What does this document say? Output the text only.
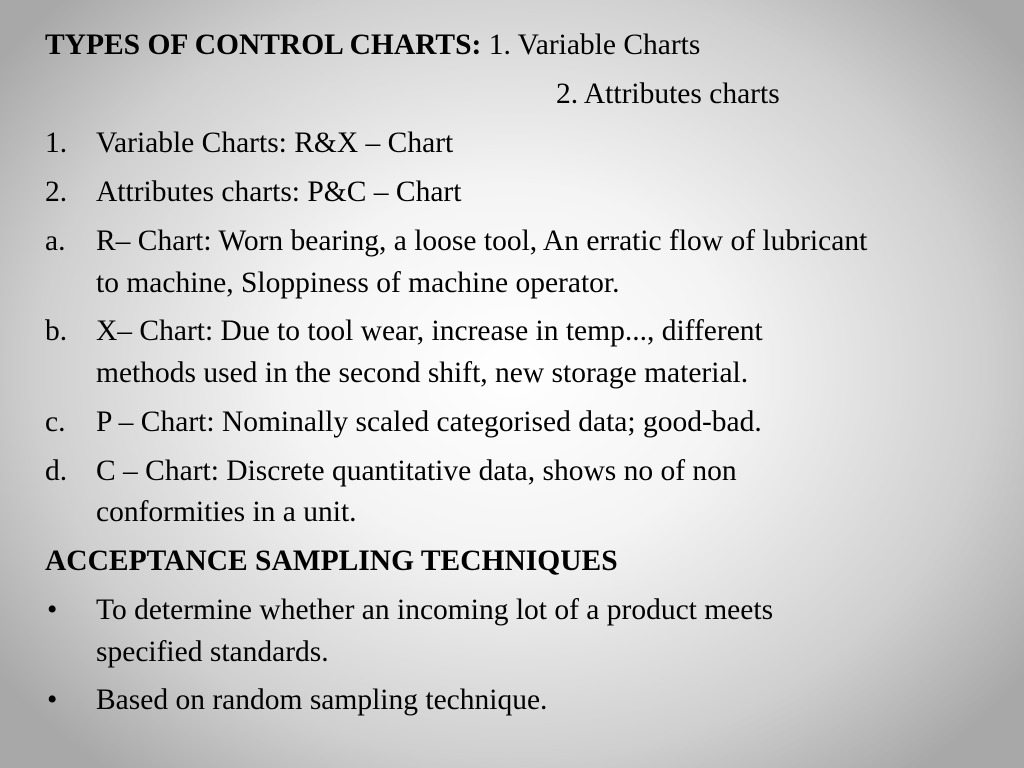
TYPES OF CONTROL CHARTS: 1. Variable Charts
2. Attributes charts
1. Variable Charts: R&X – Chart
2. Attributes charts: P&C – Chart
a. R– Chart: Worn bearing, a loose tool, An erratic flow of lubricant
to machine, Sloppiness of machine operator.
b. X– Chart: Due to tool wear, increase in temp..., different
methods used in the second shift, new storage material.
c. P – Chart: Nominally scaled categorised data; good-bad.
d. C – Chart: Discrete quantitative data, shows no of non
conformities in a unit.
ACCEPTANCE SAMPLING TECHNIQUES
• To determine whether an incoming lot of a product meets
specified standards.
• Based on random sampling technique.
